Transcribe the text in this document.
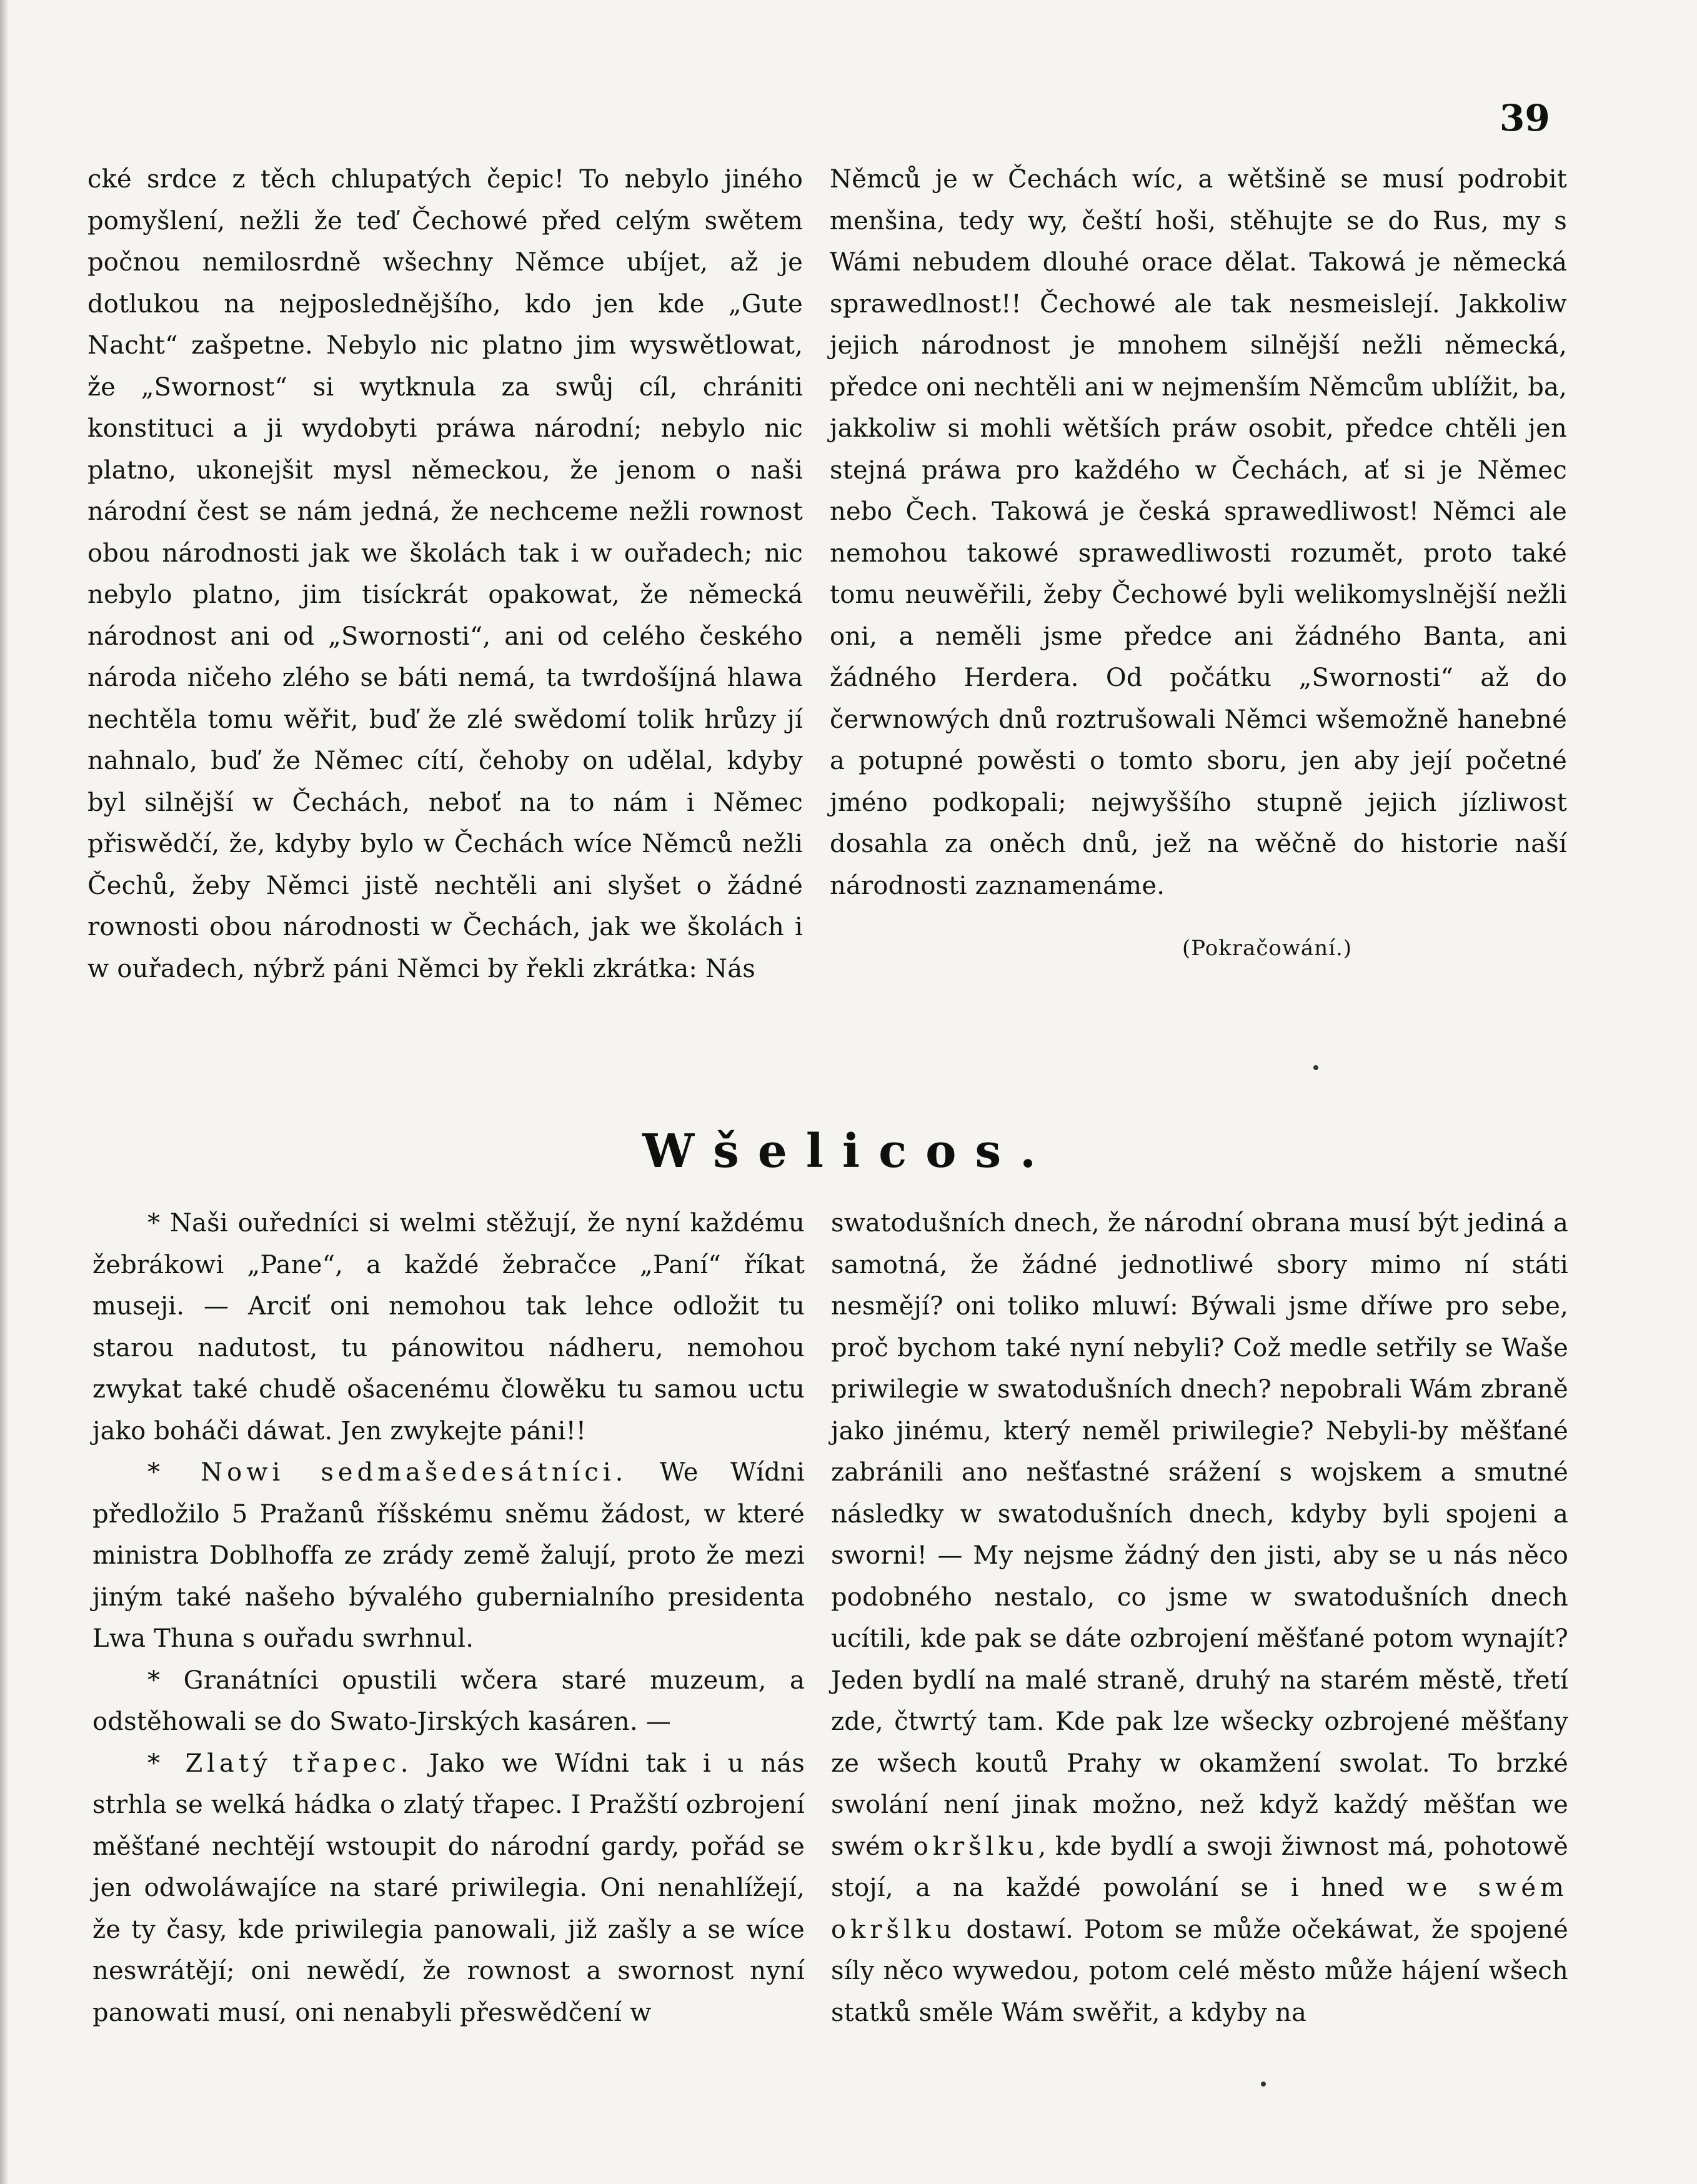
39

cké srdce z těch chlupatých čepic! To nebylo jiného pomyšlení, nežli že teď Čechowé před celým swětem počnou nemilosrdně wšechny Němce ubíjet, až je dotlukou na nejposlednějšího, kdo jen kde „Gute Nacht“ zašpetne. Nebylo nic platno jim wyswětlowat, že „Swornost“ si wytknula za swůj cíl, chrániti konstituci a ji wydobyti práwa národní; nebylo nic platno, ukonejšit mysl německou, že jenom o naši národní čest se nám jedná, že nechceme nežli rownost obou národnosti jak we školách tak i w ouřadech; nic nebylo platno, jim tisíckrát opakowat, že německá národnost ani od „Swornosti“, ani od celého českého národa ničeho zlého se báti nemá, ta twrdošíjná hlawa nechtěla tomu wěřit, buď že zlé swědomí tolik hrůzy jí nahnalo, buď že Němec cítí, čehoby on udělal, kdyby byl silnější w Čechách, neboť na to nám i Němec přiswědčí, že, kdyby bylo w Čechách wíce Němců nežli Čechů, žeby Němci jistě nechtěli ani slyšet o žádné rownosti obou národnosti w Čechách, jak we školách i w ouřadech, nýbrž páni Němci by řekli zkrátka: Nás

Němců je w Čechách wíc, a wětšině se musí podrobit menšina, tedy wy, čeští hoši, stěhujte se do Rus, my s Wámi nebudem dlouhé orace dělat. Takowá je německá sprawedlnost!! Čechowé ale tak nesmeislejí. Jakkoliw jejich národnost je mnohem silnější nežli německá, předce oni nechtěli ani w nejmenším Němcům ublížit, ba, jakkoliw si mohli wětších práw osobit, předce chtěli jen stejná práwa pro každého w Čechách, ať si je Němec nebo Čech. Takowá je česká sprawedliwost! Němci ale nemohou takowé sprawedliwosti rozumět, proto také tomu neuwěřili, žeby Čechowé byli welikomyslnější nežli oni, a neměli jsme předce ani žádného Banta, ani žádného Herdera. Od počátku „Swornosti“ až do čerwnowých dnů roztrušowali Němci wšemožně hanebné a potupné powěsti o tomto sboru, jen aby její početné jméno podkopali; nejwyššího stupně jejich jízliwost dosahla za oněch dnů, jež na wěčně do historie naší národnosti zaznamenáme.

(Pokračowání.)
Wšelicos.

* Naši ouředníci si welmi stěžují, že nyní každému žebrákowi „Pane“, a každé žebračce „Paní“ říkat museji. — Arciť oni nemohou tak lehce odložit tu starou nadutost, tu pánowitou nádheru, nemohou zwykat také chudě ošacenému člowěku tu samou uctu jako boháči dáwat. Jen zwykejte páni!!

* Nowi sedmašedesátníci. We Wídni předložilo 5 Pražanů říšskému sněmu žádost, w které ministra Doblhoffa ze zrády země žalují, proto že mezi jiným také našeho bývalého gubernialního presidenta Lwa Thuna s ouřadu swrhnul.

* Granátníci opustili wčera staré muzeum, a odstěhowali se do Swato-Jirských kasáren. —

* Zlatý třapec. Jako we Wídni tak i u nás strhla se welká hádka o zlatý třapec. I Pražští ozbrojení měšťané nechtějí wstoupit do národní gardy, pořád se jen odwoláwajíce na staré priwilegia. Oni nenahlížejí, že ty časy, kde priwilegia panowali, již zašly a se wíce neswrátějí; oni newědí, že rownost a swornost nyní panowati musí, oni nenabyli přeswědčení w

swatodušních dnech, že národní obrana musí být jediná a samotná, že žádné jednotliwé sbory mimo ní státi nesmějí? oni toliko mluwí: Býwali jsme dříwe pro sebe, proč bychom také nyní nebyli? Což medle setřily se Waše priwilegie w swatodušních dnech? nepobrali Wám zbraně jako jinému, který neměl priwilegie? Nebyli-by měšťané zabránili ano nešťastné srážení s wojskem a smutné následky w swatodušních dnech, kdyby byli spojeni a sworni! — My nejsme žádný den jisti, aby se u nás něco podobného nestalo, co jsme w swatodušních dnech ucítili, kde pak se dáte ozbrojení měšťané potom wynajít? Jeden bydlí na malé straně, druhý na starém městě, třetí zde, čtwrtý tam. Kde pak lze wšecky ozbrojené měšťany ze wšech koutů Prahy w okamžení swolat. To brzké swolání není jinak možno, než když každý měšťan we swém okršlku, kde bydlí a swoji žiwnost má, pohotowě stojí, a na každé powolání se i hned we swém okršlku dostawí. Potom se může očekáwat, že spojené síly něco wywedou, potom celé město může hájení wšech statků směle Wám swěřit, a kdyby na
